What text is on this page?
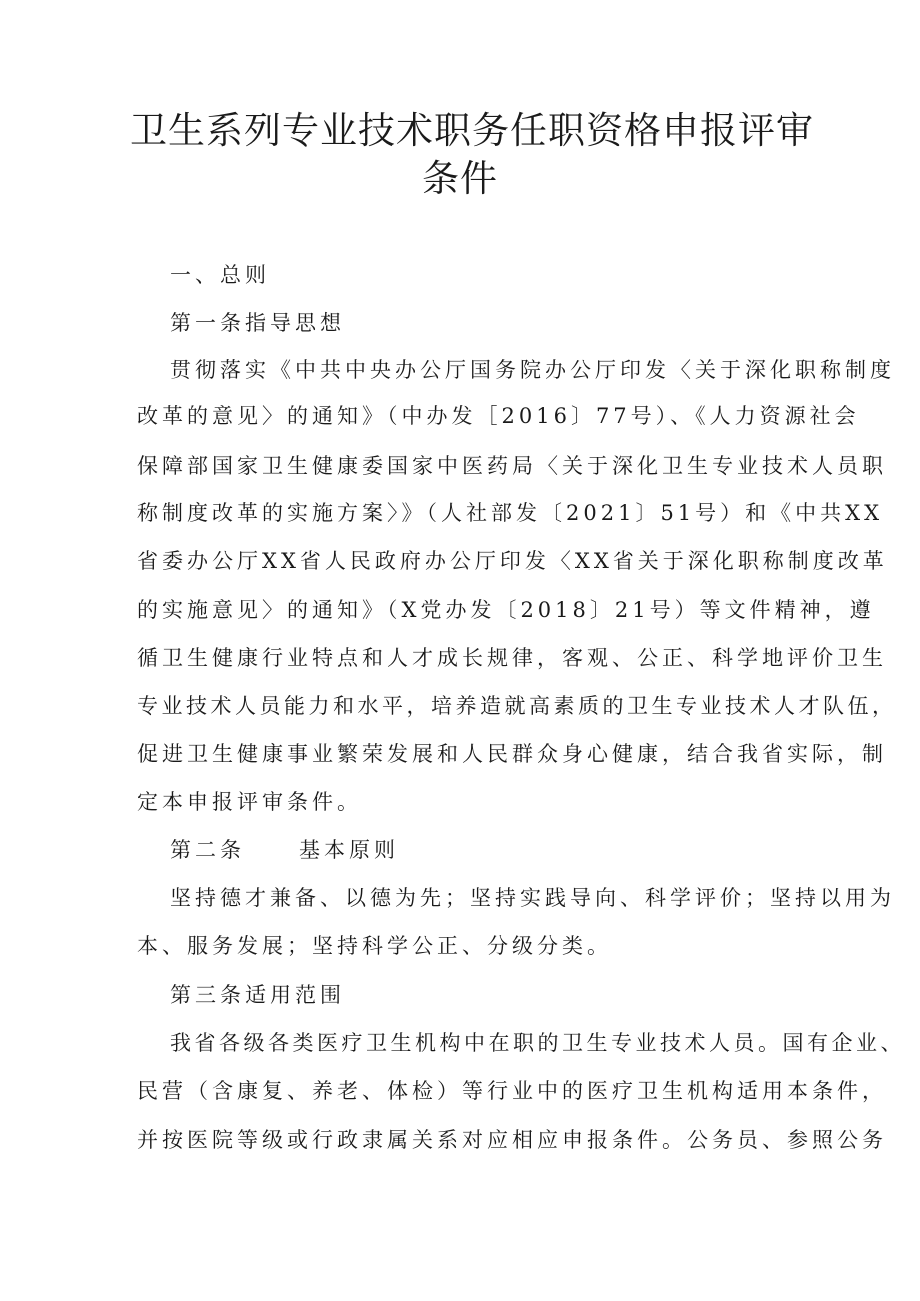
卫生系列专业技术职务任职资格申报评审
条件
一、总则
第一条指导思想
贯彻落实《中共中央办公厅国务院办公厅印发〈关于深化职称制度
改革的意见〉的通知》（中办发［2016〕77号）、《人力资源社会
保障部国家卫生健康委国家中医药局〈关于深化卫生专业技术人员职
称制度改革的实施方案〉》（人社部发〔2021〕51号）和《中共XX
省委办公厅XX省人民政府办公厅印发〈XX省关于深化职称制度改革
的实施意见〉的通知》（X党办发〔2018〕21号）等文件精神，遵
循卫生健康行业特点和人才成长规律，客观、公正、科学地评价卫生
专业技术人员能力和水平，培养造就高素质的卫生专业技术人才队伍，
促进卫生健康事业繁荣发展和人民群众身心健康，结合我省实际，制
定本申报评审条件。
第二条	基本原则
坚持德才兼备、以德为先；坚持实践导向、科学评价；坚持以用为
本、服务发展；坚持科学公正、分级分类。
第三条适用范围
我省各级各类医疗卫生机构中在职的卫生专业技术人员。国有企业、
民营（含康复、养老、体检）等行业中的医疗卫生机构适用本条件，
并按医院等级或行政隶属关系对应相应申报条件。公务员、参照公务
